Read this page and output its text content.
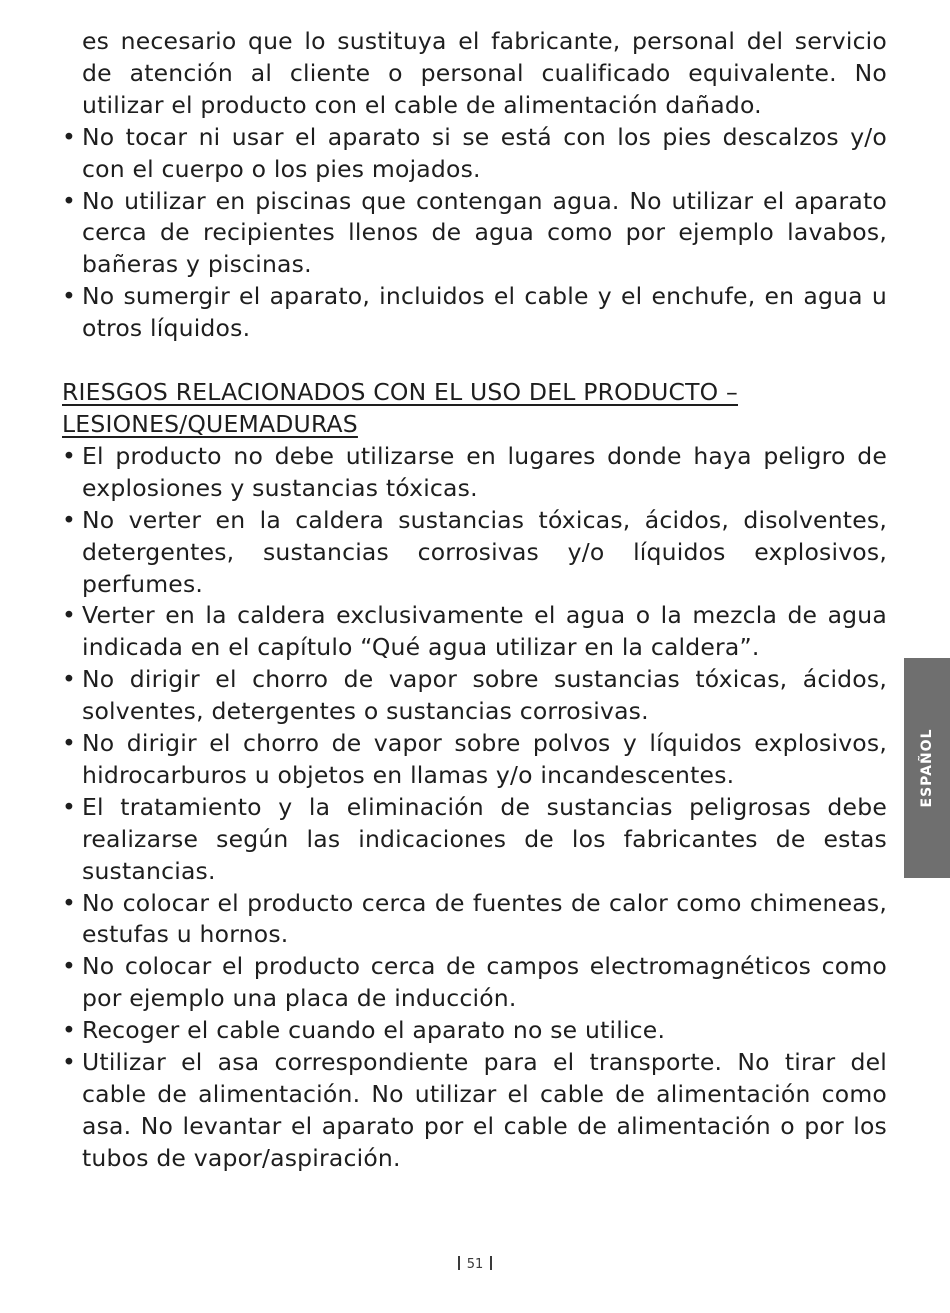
es necesario que lo sustituya el fabricante, personal del servicio de atención al cliente o personal cualificado equivalente. No utilizar el producto con el cable de alimentación dañado.

• No tocar ni usar el aparato si se está con los pies descalzos y/o con el cuerpo o los pies mojados.
• No utilizar en piscinas que contengan agua. No utilizar el aparato cerca de recipientes llenos de agua como por ejemplo lavabos, bañeras y piscinas.
• No sumergir el aparato, incluidos el cable y el enchufe, en agua u otros líquidos.
RIESGOS RELACIONADOS CON EL USO DEL PRODUCTO –
LESIONES/QUEMADURAS
• El producto no debe utilizarse en lugares donde haya peligro de explosiones y sustancias tóxicas.
• No verter en la caldera sustancias tóxicas, ácidos, disolventes, detergentes, sustancias corrosivas y/o líquidos explosivos, perfumes.
• Verter en la caldera exclusivamente el agua o la mezcla de agua indicada en el capítulo “Qué agua utilizar en la caldera”.
• No dirigir el chorro de vapor sobre sustancias tóxicas, ácidos, solventes, detergentes o sustancias corrosivas.
• No dirigir el chorro de vapor sobre polvos y líquidos explosivos, hidrocarburos u objetos en llamas y/o incandescentes.
• El tratamiento y la eliminación de sustancias peligrosas debe realizarse según las indicaciones de los fabricantes de estas sustancias.
• No colocar el producto cerca de fuentes de calor como chimeneas, estufas u hornos.
• No colocar el producto cerca de campos electromagnéticos como por ejemplo una placa de inducción.
• Recoger el cable cuando el aparato no se utilice.
• Utilizar el asa correspondiente para el transporte. No tirar del cable de alimentación. No utilizar el cable de alimentación como asa. No levantar el aparato por el cable de alimentación o por los tubos de vapor/aspiración.
ESPAÑOL
51
